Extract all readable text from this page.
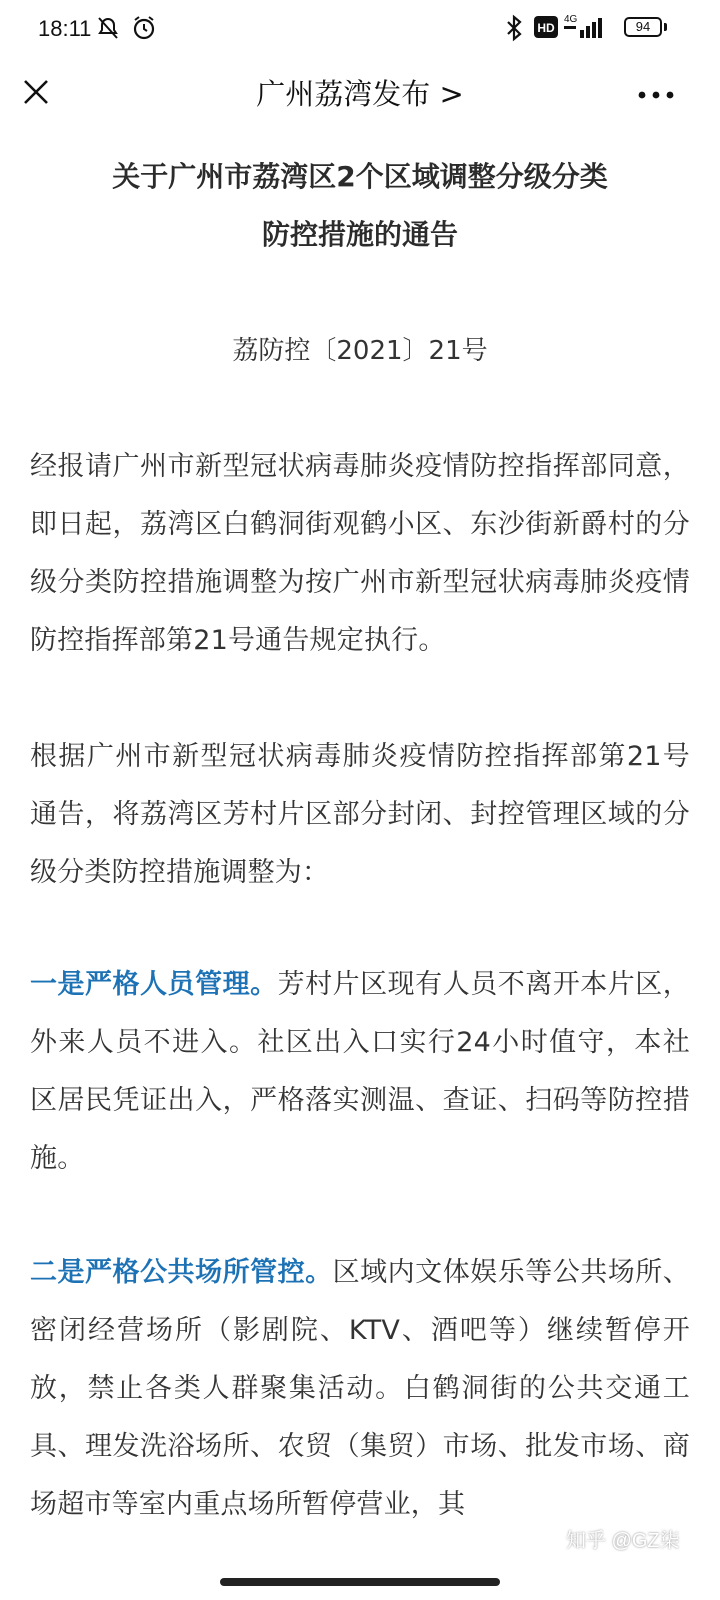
18:11	HD
4G	94
广州荔湾发布 >
关于广州市荔湾区2个区域调整分级分类
防控措施的通告
荔防控〔2021〕21号
经报请广州市新型冠状病毒肺炎疫情防控指挥部同意，即日起，荔湾区白鹤洞街观鹤小区、东沙街新爵村的分级分类防控措施调整为按广州市新型冠状病毒肺炎疫情防控指挥部第21号通告规定执行。
根据广州市新型冠状病毒肺炎疫情防控指挥部第21号通告，将荔湾区芳村片区部分封闭、封控管理区域的分级分类防控措施调整为：
一是严格人员管理。芳村片区现有人员不离开本片区，外来人员不进入。社区出入口实行24小时值守，本社区居民凭证出入，严格落实测温、查证、扫码等防控措施。
二是严格公共场所管控。区域内文体娱乐等公共场所、密闭经营场所（影剧院、KTV、酒吧等）继续暂停开放，禁止各类人群聚集活动。白鹤洞街的公共交通工具、理发洗浴场所、农贸（集贸）市场、批发市场、商场超市等室内重点场所暂停营业，其
知乎 @GZ柒
